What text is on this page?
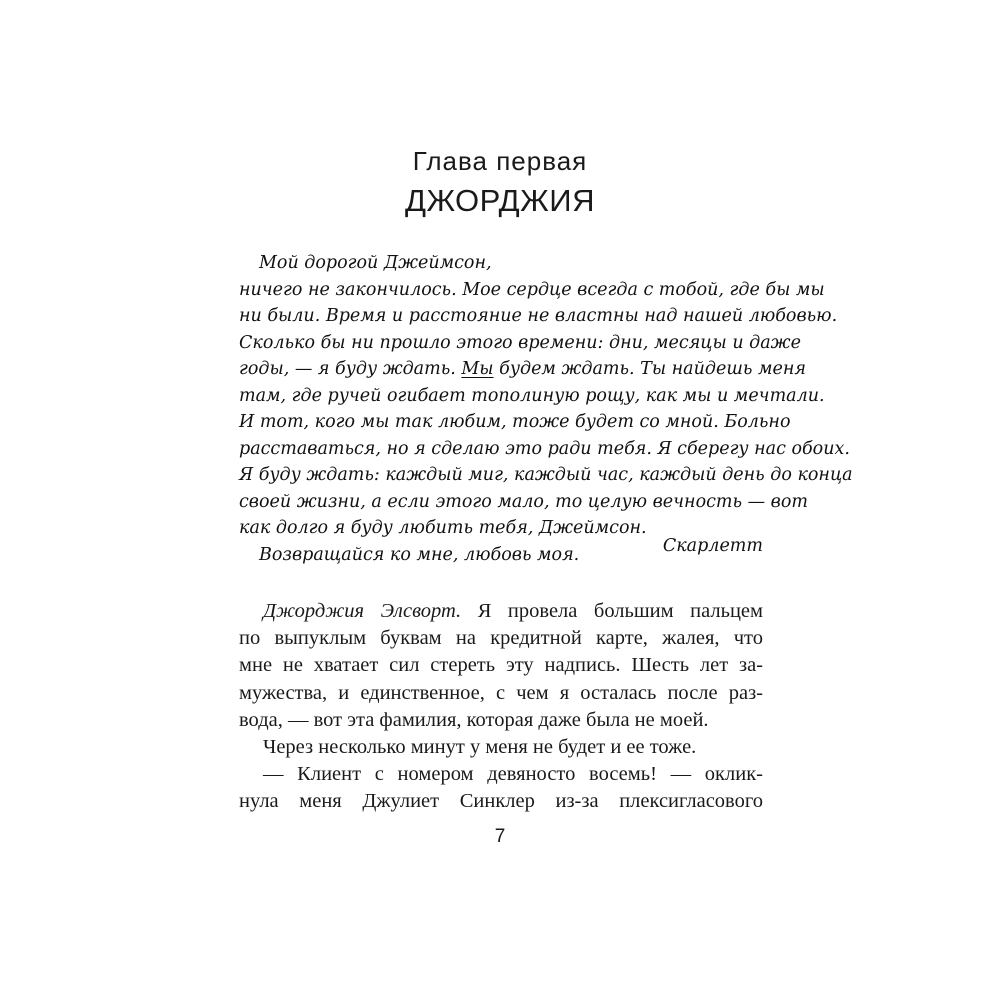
Глава первая
ДЖОРДЖИЯ
Мой дорогой Джеймсон,
ничего не закончилось. Мое сердце всегда с тобой, где бы мы
ни были. Время и расстояние не властны над нашей любовью.
Сколько бы ни прошло этого времени: дни, месяцы и даже
годы, — я буду ждать. Мы будем ждать. Ты найдешь меня
там, где ручей огибает тополиную рощу, как мы и мечтали.
И тот, кого мы так любим, тоже будет со мной. Больно
расставаться, но я сделаю это ради тебя. Я сберегу нас обоих.
Я буду ждать: каждый миг, каждый час, каждый день до конца
своей жизни, а если этого мало, то целую вечность — вот
как долго я буду любить тебя, Джеймсон.
Возвращайся ко мне, любовь моя.	Скарлетт
Джорджия Элсворт. Я провела большим пальцем
по выпуклым буквам на кредитной карте, жалея, что
мне не хватает сил стереть эту надпись. Шесть лет за-
мужества, и единственное, с чем я осталась после раз-
вода, — вот эта фамилия, которая даже была не моей.
Через несколько минут у меня не будет и ее тоже.
— Клиент с номером девяносто восемь! — оклик-
нула меня Джулиет Синклер из-за плексигласового
7
